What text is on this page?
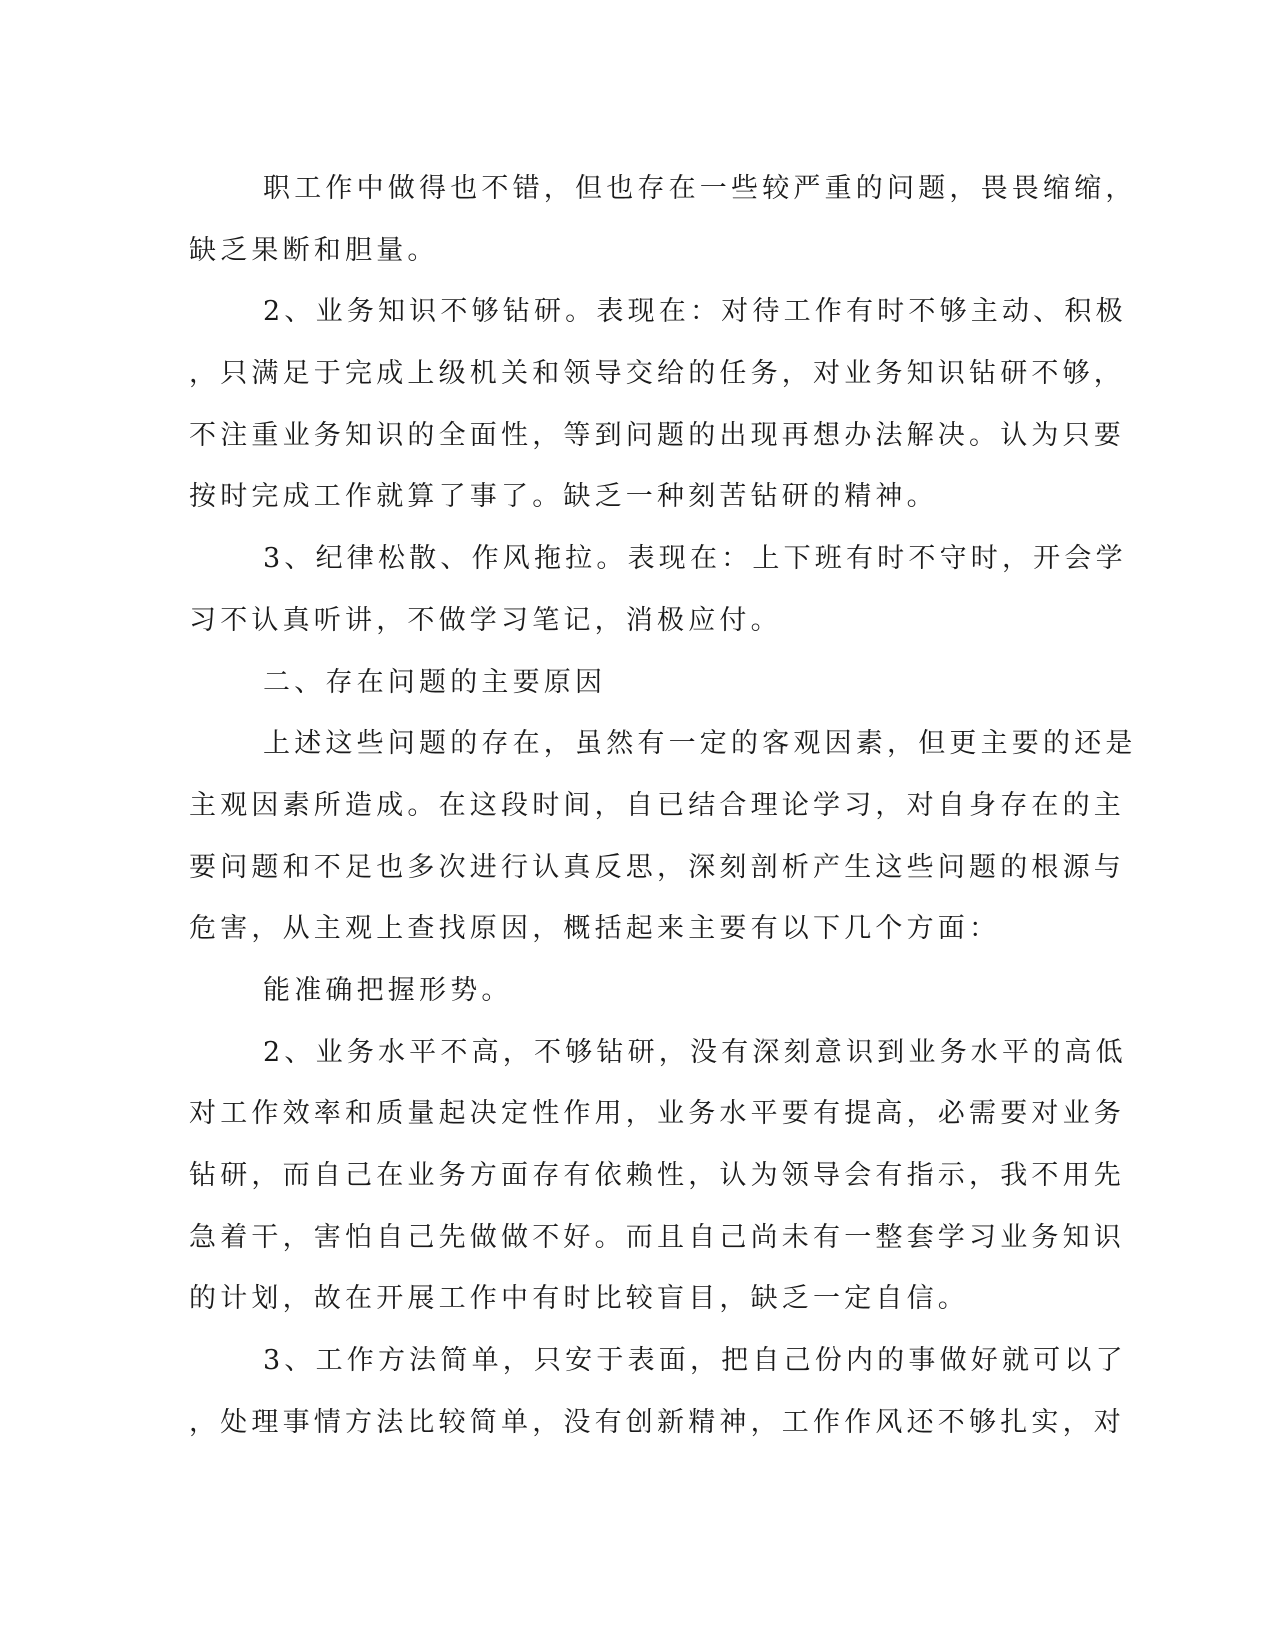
职工作中做得也不错，但也存在一些较严重的问题，畏畏缩缩，
缺乏果断和胆量。
2、业务知识不够钻研。表现在：对待工作有时不够主动、积极
，只满足于完成上级机关和领导交给的任务，对业务知识钻研不够，
不注重业务知识的全面性，等到问题的出现再想办法解决。认为只要
按时完成工作就算了事了。缺乏一种刻苦钻研的精神。
3、纪律松散、作风拖拉。表现在：上下班有时不守时，开会学
习不认真听讲，不做学习笔记，消极应付。
二、存在问题的主要原因
上述这些问题的存在，虽然有一定的客观因素，但更主要的还是
主观因素所造成。在这段时间，自已结合理论学习，对自身存在的主
要问题和不足也多次进行认真反思，深刻剖析产生这些问题的根源与
危害，从主观上查找原因，概括起来主要有以下几个方面：
能准确把握形势。
2、业务水平不高，不够钻研，没有深刻意识到业务水平的高低
对工作效率和质量起决定性作用，业务水平要有提高，必需要对业务
钻研，而自己在业务方面存有依赖性，认为领导会有指示，我不用先
急着干，害怕自己先做做不好。而且自己尚未有一整套学习业务知识
的计划，故在开展工作中有时比较盲目，缺乏一定自信。
3、工作方法简单，只安于表面，把自己份内的事做好就可以了
，处理事情方法比较简单，没有创新精神，工作作风还不够扎实，对
